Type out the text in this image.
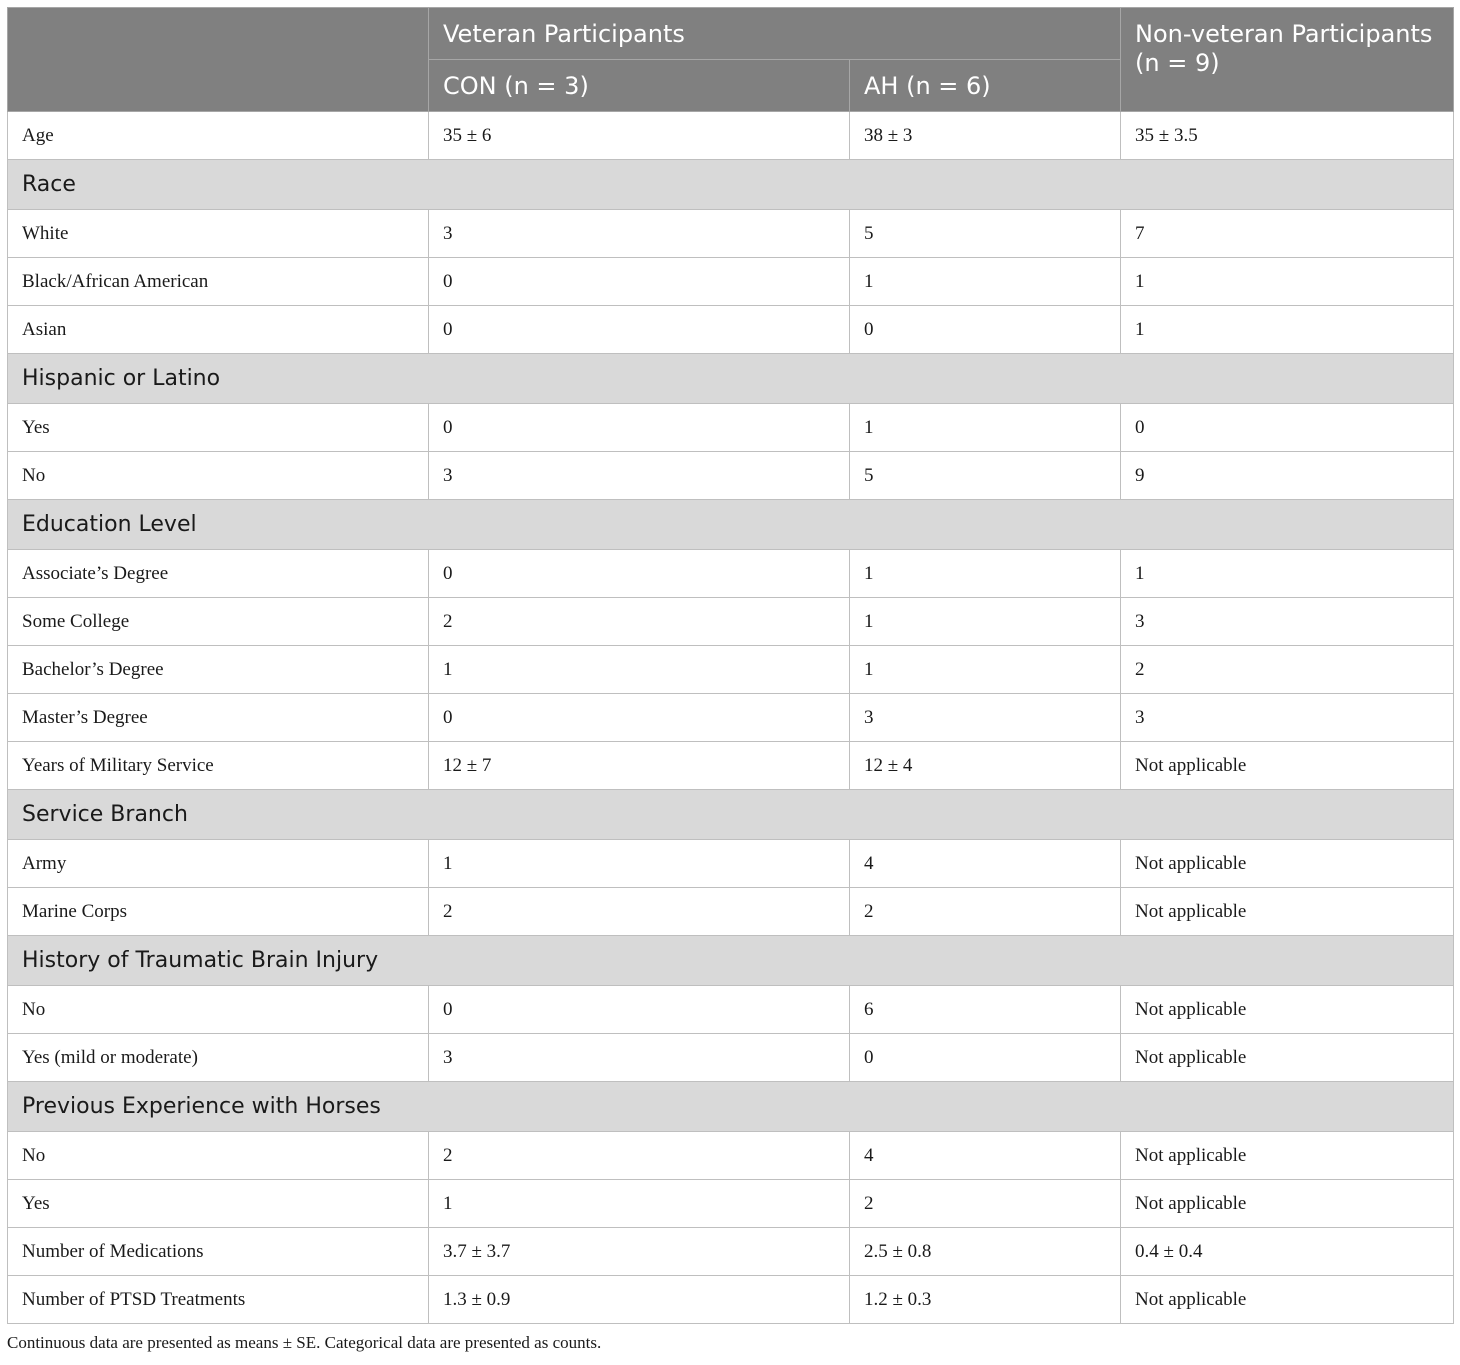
	Veteran Participants		Non-veteran Participants (n = 9)
	CON (n = 3)	AH (n = 6)	
Age	35 ± 6	38 ± 3	35 ± 3.5
Race			
White	3	5	7
Black/African American	0	1	1
Asian	0	0	1
Hispanic or Latino			
Yes	0	1	0
No	3	5	9
Education Level			
Associate’s Degree	0	1	1
Some College	2	1	3
Bachelor’s Degree	1	1	2
Master’s Degree	0	3	3
Years of Military Service	12 ± 7	12 ± 4	Not applicable
Service Branch			
Army	1	4	Not applicable
Marine Corps	2	2	Not applicable
History of Traumatic Brain Injury			
No	0	6	Not applicable
Yes (mild or moderate)	3	0	Not applicable
Previous Experience with Horses			
No	2	4	Not applicable
Yes	1	2	Not applicable
Number of Medications	3.7 ± 3.7	2.5 ± 0.8	0.4 ± 0.4
Number of PTSD Treatments	1.3 ± 0.9	1.2 ± 0.3	Not applicable
Continuous data are presented as means ± SE. Categorical data are presented as counts.
